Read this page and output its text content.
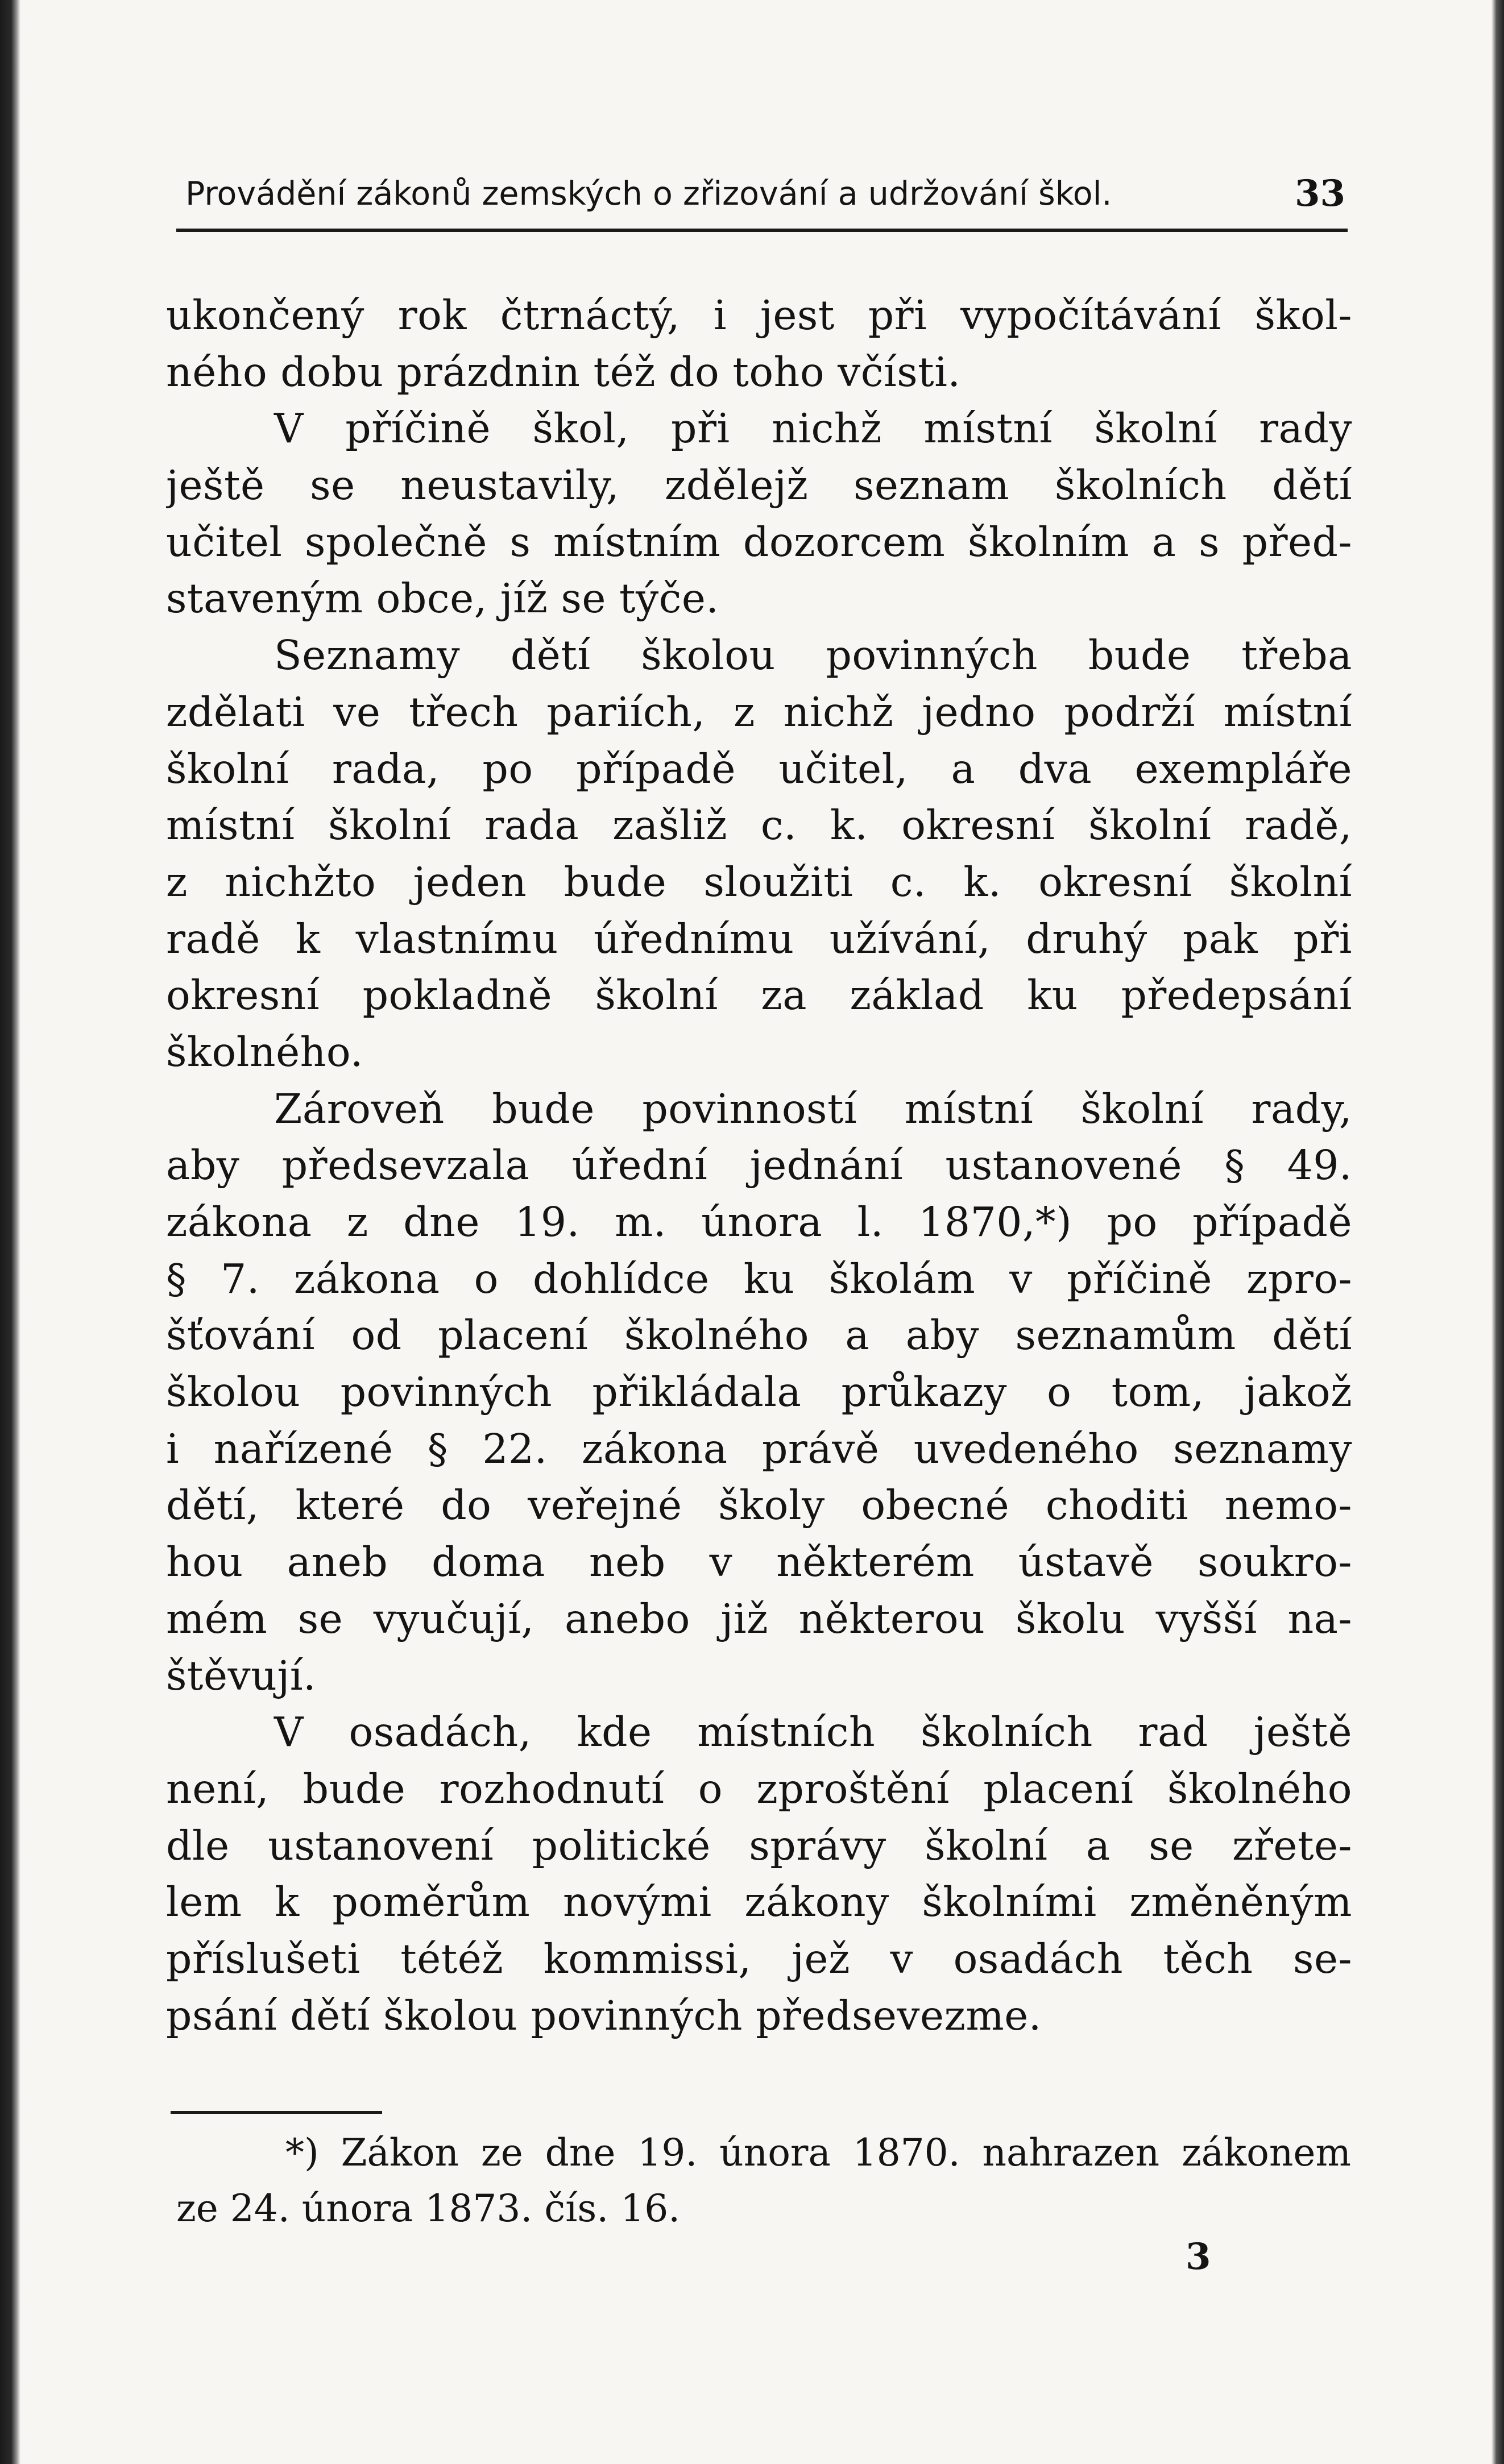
Provádění zákonů zemských o zřizování a udržování škol.	33
ukončený rok čtrnáctý, i jest při vypočítávání škol-
ného dobu prázdnin též do toho včísti.
V příčině škol, při nichž místní školní rady
ještě se neustavily, zdělejž seznam školních dětí
učitel společně s místním dozorcem školním a s před-
staveným obce, jíž se týče.
Seznamy dětí školou povinných bude třeba
zdělati ve třech pariích, z nichž jedno podrží místní
školní rada, po případě učitel, a dva exempláře
místní školní rada zašliž c. k. okresní školní radě,
z nichžto jeden bude sloužiti c. k. okresní školní
radě k vlastnímu úřednímu užívání, druhý pak při
okresní pokladně školní za základ ku předepsání
školného.
Zároveň bude povinností místní školní rady,
aby předsevzala úřední jednání ustanovené § 49.
zákona z dne 19. m. února l. 1870,*) po případě
§ 7. zákona o dohlídce ku školám v příčině zpro-
šťování od placení školného a aby seznamům dětí
školou povinných přikládala průkazy o tom, jakož
i nařízené § 22. zákona právě uvedeného seznamy
dětí, které do veřejné školy obecné choditi nemo-
hou aneb doma neb v některém ústavě soukro-
mém se vyučují, anebo již některou školu vyšší na-
štěvují.
V osadách, kde místních školních rad ještě
není, bude rozhodnutí o zproštění placení školného
dle ustanovení politické správy školní a se zřete-
lem k poměrům novými zákony školními změněným
příslušeti tétéž kommissi, jež v osadách těch se-
psání dětí školou povinných předsevezme.
*) Zákon ze dne 19. února 1870. nahrazen zákonem
ze 24. února 1873. čís. 16.
3
